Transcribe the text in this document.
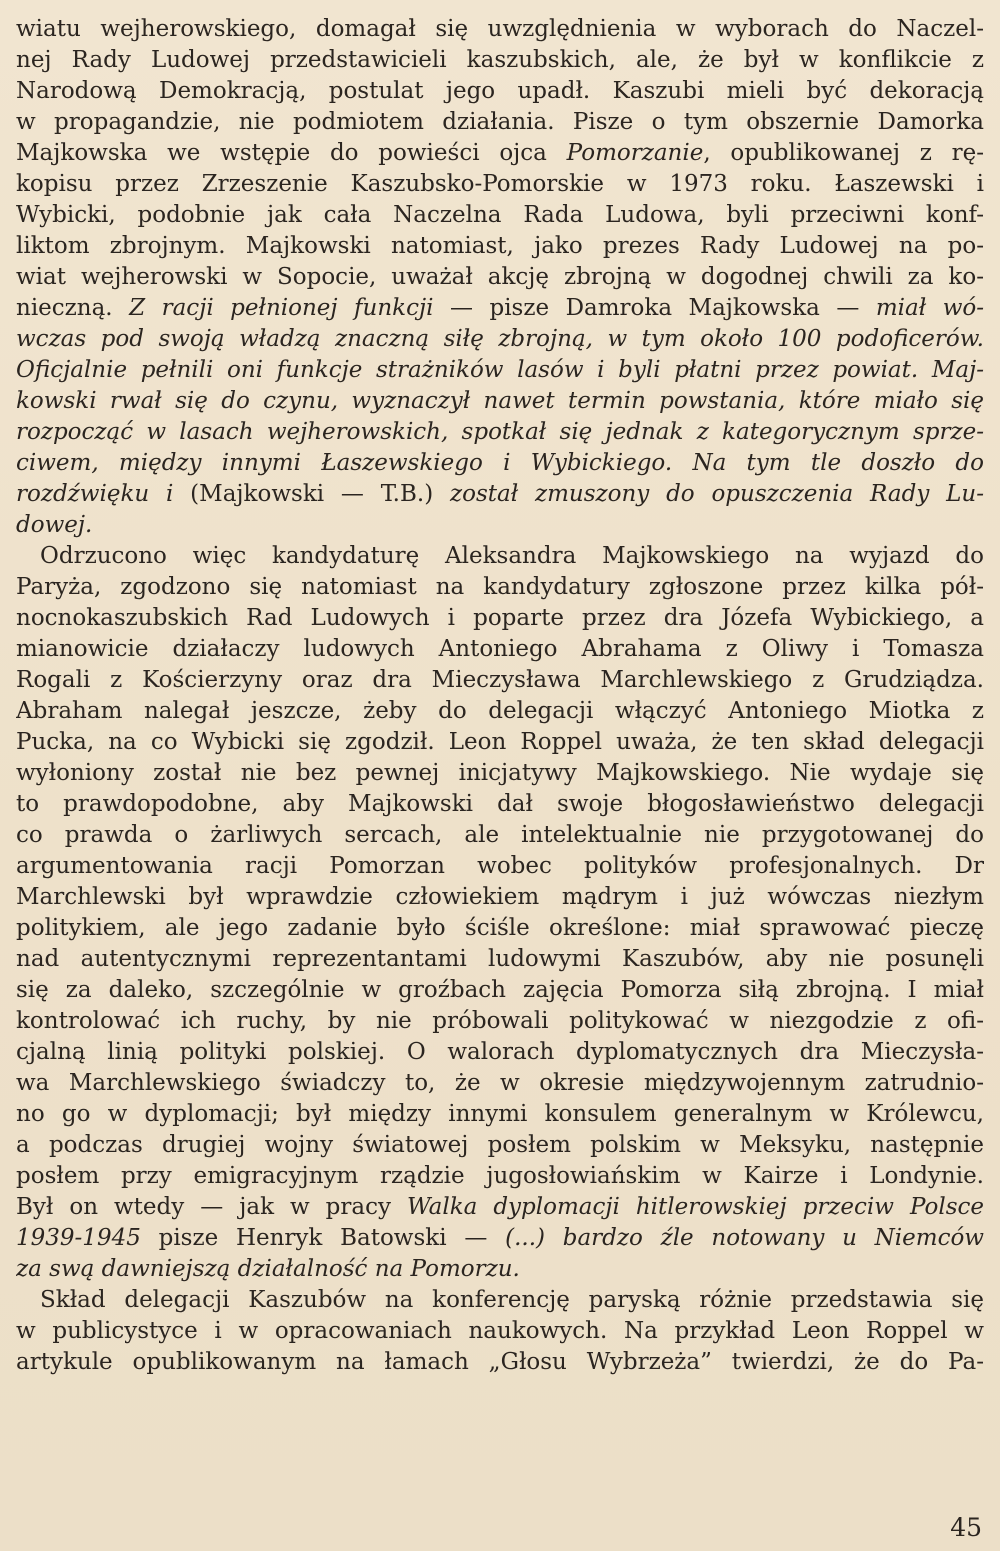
wiatu wejherowskiego, domagał się uwzględnienia w wyborach do Naczel-
nej Rady Ludowej przedstawicieli kaszubskich, ale, że był w konflikcie z
Narodową Demokracją, postulat jego upadł. Kaszubi mieli być dekoracją
w propagandzie, nie podmiotem działania. Pisze o tym obszernie Damorka
Majkowska we wstępie do powieści ojca Pomorzanie, opublikowanej z rę-
kopisu przez Zrzeszenie Kaszubsko-Pomorskie w 1973 roku. Łaszewski i
Wybicki, podobnie jak cała Naczelna Rada Ludowa, byli przeciwni konf-
liktom zbrojnym. Majkowski natomiast, jako prezes Rady Ludowej na po-
wiat wejherowski w Sopocie, uważał akcję zbrojną w dogodnej chwili za ko-
nieczną. Z racji pełnionej funkcji — pisze Damroka Majkowska — miał wó-
wczas pod swoją władzą znaczną siłę zbrojną, w tym około 100 podoficerów.
Oficjalnie pełnili oni funkcje strażników lasów i byli płatni przez powiat. Maj-
kowski rwał się do czynu, wyznaczył nawet termin powstania, które miało się
rozpocząć w lasach wejherowskich, spotkał się jednak z kategorycznym sprze-
ciwem, między innymi Łaszewskiego i Wybickiego. Na tym tle doszło do
rozdźwięku i (Majkowski — T.B.) został zmuszony do opuszczenia Rady Lu-
dowej.
Odrzucono więc kandydaturę Aleksandra Majkowskiego na wyjazd do
Paryża, zgodzono się natomiast na kandydatury zgłoszone przez kilka pół-
nocnokaszubskich Rad Ludowych i poparte przez dra Józefa Wybickiego, a
mianowicie działaczy ludowych Antoniego Abrahama z Oliwy i Tomasza
Rogali z Kościerzyny oraz dra Mieczysława Marchlewskiego z Grudziądza.
Abraham nalegał jeszcze, żeby do delegacji włączyć Antoniego Miotka z
Pucka, na co Wybicki się zgodził. Leon Roppel uważa, że ten skład delegacji
wyłoniony został nie bez pewnej inicjatywy Majkowskiego. Nie wydaje się
to prawdopodobne, aby Majkowski dał swoje błogosławieństwo delegacji
co prawda o żarliwych sercach, ale intelektualnie nie przygotowanej do
argumentowania racji Pomorzan wobec polityków profesjonalnych. Dr
Marchlewski był wprawdzie człowiekiem mądrym i już wówczas niezłym
politykiem, ale jego zadanie było ściśle określone: miał sprawować pieczę
nad autentycznymi reprezentantami ludowymi Kaszubów, aby nie posunęli
się za daleko, szczególnie w groźbach zajęcia Pomorza siłą zbrojną. I miał
kontrolować ich ruchy, by nie próbowali politykować w niezgodzie z ofi-
cjalną linią polityki polskiej. O walorach dyplomatycznych dra Mieczysła-
wa Marchlewskiego świadczy to, że w okresie międzywojennym zatrudnio-
no go w dyplomacji; był między innymi konsulem generalnym w Królewcu,
a podczas drugiej wojny światowej posłem polskim w Meksyku, następnie
posłem przy emigracyjnym rządzie jugosłowiańskim w Kairze i Londynie.
Był on wtedy — jak w pracy Walka dyplomacji hitlerowskiej przeciw Polsce
1939-1945 pisze Henryk Batowski — (...) bardzo źle notowany u Niemców
za swą dawniejszą działalność na Pomorzu.
Skład delegacji Kaszubów na konferencję paryską różnie przedstawia się
w publicystyce i w opracowaniach naukowych. Na przykład Leon Roppel w
artykule opublikowanym na łamach „Głosu Wybrzeża” twierdzi, że do Pa-
45
